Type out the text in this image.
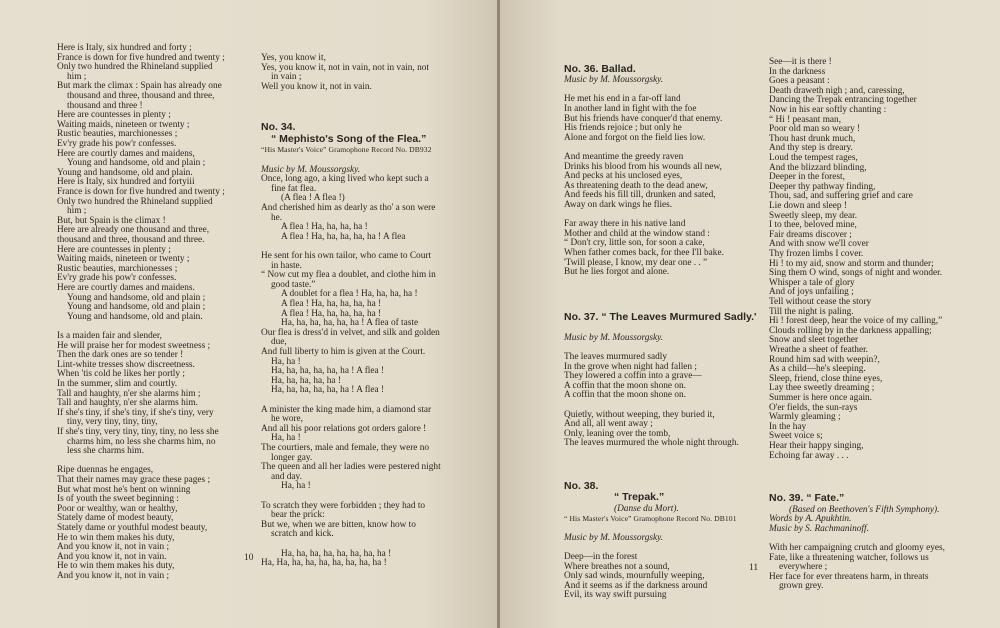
Here is Italy, six hundred and forty ;
France is down for five hundred and twenty ;
Only two hundred the Rhineland supplied
him ;
But mark the climax : Spain has already one
thousand and three, thousand and three,
thousand and three !
Here are countesses in plenty ;
Waiting maids, nineteen or twenty ;
Rustic beauties, marchionesses ;
Ev'ry grade his pow'r confesses.
Here are courtly dames and maidens,
Young and handsome, old and plain ;
Young and handsome, old and plain.
Here is Italy, six hundred and fortyiii
France is down for five hundred and twenty ;
Only two hundred the Rhineland supplied
him ;
But, but Spain is the climax !
Here are already one thousand and three,
thousand and three, thousand and three.
Here are countesses in plenty ;
Waiting maids, nineteen or twenty ;
Rustic beauties, marchionesses ;
Ev'ry grade his pow'r confesses.
Here are courtly dames and maidens.
Young and handsome, old and plain ;
Young and handsome, old and plain ;
Young and handsome, old and plain.
Is a maiden fair and slender,
He will praise her for modest sweetness ;
Then the dark ones are so tender !
Lint-white tresses show discreetness.
When 'tis cold he likes her portly ;
In the summer, slim and courtly.
Tall and haughty, n'er she alarms him ;
Tall and haughty, n'er she alarms him.
If she's tiny, if she's tiny, if she's tiny, very
tiny, very tiny, tiny, tiny,
If she's tiny, very tiny, tiny, tiny, no less she
charms him, no less she charms him, no
less she charms him.
Ripe duennas he engages,
That their names may grace these pages ;
But what most he's bent on winning
Is of youth the sweet beginning :
Poor or wealthy, wan or healthy,
Stately dame of modest beauty,
Stately dame or youthful modest beauty,
He to win them makes his duty,
And you know it, not in vain ;
And you know it, not in vain.
He to win them makes his duty,
And you know it, not in vain ;
Yes, you know it,
Yes, you know it, not in vain, not in vain, not
in vain ;
Well you know it, not in vain.
No. 34.
“ Mephisto's Song of the Flea.”
“His Master's Voice” Gramophone Record No. DB932
Music by M. Moussorgsky.
Once, long ago, a king lived who kept such a
fine fat flea.
(A flea ! A flea !)
And cherished him as dearly as tho' a son were
he.
A flea ! Ha, ha, ha, ha !
A flea ! Ha, ha, ha, ha, ha ! A flea
He sent for his own tailor, who came to Court
in haste.
“ Now cut my flea a doublet, and clothe him in
good taste.”
A doublet for a flea ! Ha, ha, ha, ha !
A flea ! Ha, ha, ha, ha, ha !
A flea ! Ha, ha, ha, ha, ha !
Ha, ha, ha, ha, ha, ha ! A flea of taste
Our flea is dress'd in velvet, and silk and golden
due,
And full liberty to him is given at the Court.
Ha, ha !
Ha, ha, ha, ha, ha, ha ! A flea !
Ha, ha, ha, ha, ha !
Ha, ha, ha, ha, ha, ha ! A flea !
A minister the king made him, a diamond star
he wore,
And all his poor relations got orders galore !
Ha, ha !
The courtiers, male and female, they were no
longer gay.
The queen and all her ladies were pestered night
and day.
Ha, ha !
To scratch they were forbidden ; they had to
bear the prick:
But we, when we are bitten, know how to
scratch and kick.
Ha, ha, ha, ha, ha, ha, ha, ha !
Ha, Ha, ha, ha, ha, ha, ha, ha, ha !
10
No. 36. Ballad.
Music by M. Moussorgsky.
He met his end in a far-off land
In another land in fight with the foe
But his friends have conquer'd that enemy.
His friends rejoice ; but only he
Alone and forgot on the field lies low.
And meantime the greedy raven
Drinks his blood from his wounds all new,
And pecks at his unclosed eyes,
As threatening death to the dead anew,
And feeds his fill till, drunken and sated,
Away on dark wings he flies.
Far away there in his native land
Mother and child at the window stand :
“ Don't cry, little son, for soon a cake,
When father comes back, for thee I'll bake.
'Twill please, I know, my dear one . . ”
But he lies forgot and alone.
No. 37. “ The Leaves Murmured Sadly.'
Music by M. Moussorgsky.
The leaves murmured sadly
In the grove when night had fallen ;
They lowered a coffin into a grave—
A coffin that the moon shone on.
A coffin that the moon shone on.
Quietly, without weeping, they buried it,
And all, all went away ;
Only, leaning over the tomb,
The leaves murmured the whole night through.
No. 38.
“ Trepak.”
(Danse du Mort).
“ His Master's Voice” Gramophone Record No. DB101
Music by M. Moussorgsky.
Deep—in the forest
Where breathes not a sound,
Only sad winds, mournfully weeping,
And it seems as if the darkness around
Evil, its way swift pursuing
See—it is there !
In the darkness
Goes a peasant :
Death draweth nigh ; and, caressing,
Dancing the Trepak entrancing together
Now in his ear softly chanting :
“ Hi ! peasant man,
Poor old man so weary !
Thou hast drunk much,
And thy step is dreary.
Loud the tempest rages,
And the blizzard blinding,
Deeper in the forest,
Deeper thy pathway finding,
Thou, sad, and suffering grief and care
Lie down and sleep !
Sweetly sleep, my dear.
I to thee, beloved mine,
Fair dreams discover ;
And with snow we'll cover
Thy frozen limbs I cover.
Hi ! to my aid, snow and storm and thunder;
Sing them O wind, songs of night and wonder.
Whisper a tale of glory
And of joys unfailing ;
Tell without cease the story
Till the night is paling.
Hi ! forest deep, hear the voice of my calling,”
Clouds rolling by in the darkness appalling;
Snow and sleet together
Wreathe a sheet of feather.
Round him sad with weepin?,
As a child—he's sleeping.
Sleep, friend, close thine eyes,
Lay thee sweetly dreaming ;
Summer is here once again.
O'er fields, the sun-rays
Warmly gleaming ;
In the hay
Sweet voice s;
Hear their happy singing,
Echoing far away . . .
No. 39. “ Fate.”
(Based on Beethoven's Fifth Symphony).
Words by A. Apukhtin.
Music by S. Rachmaninoff.
With her campaigning crutch and gloomy eyes,
Fate, like a threatening watcher, follows us
everywhere ;
Her face for ever threatens harm, in threats
grown grey.
11
